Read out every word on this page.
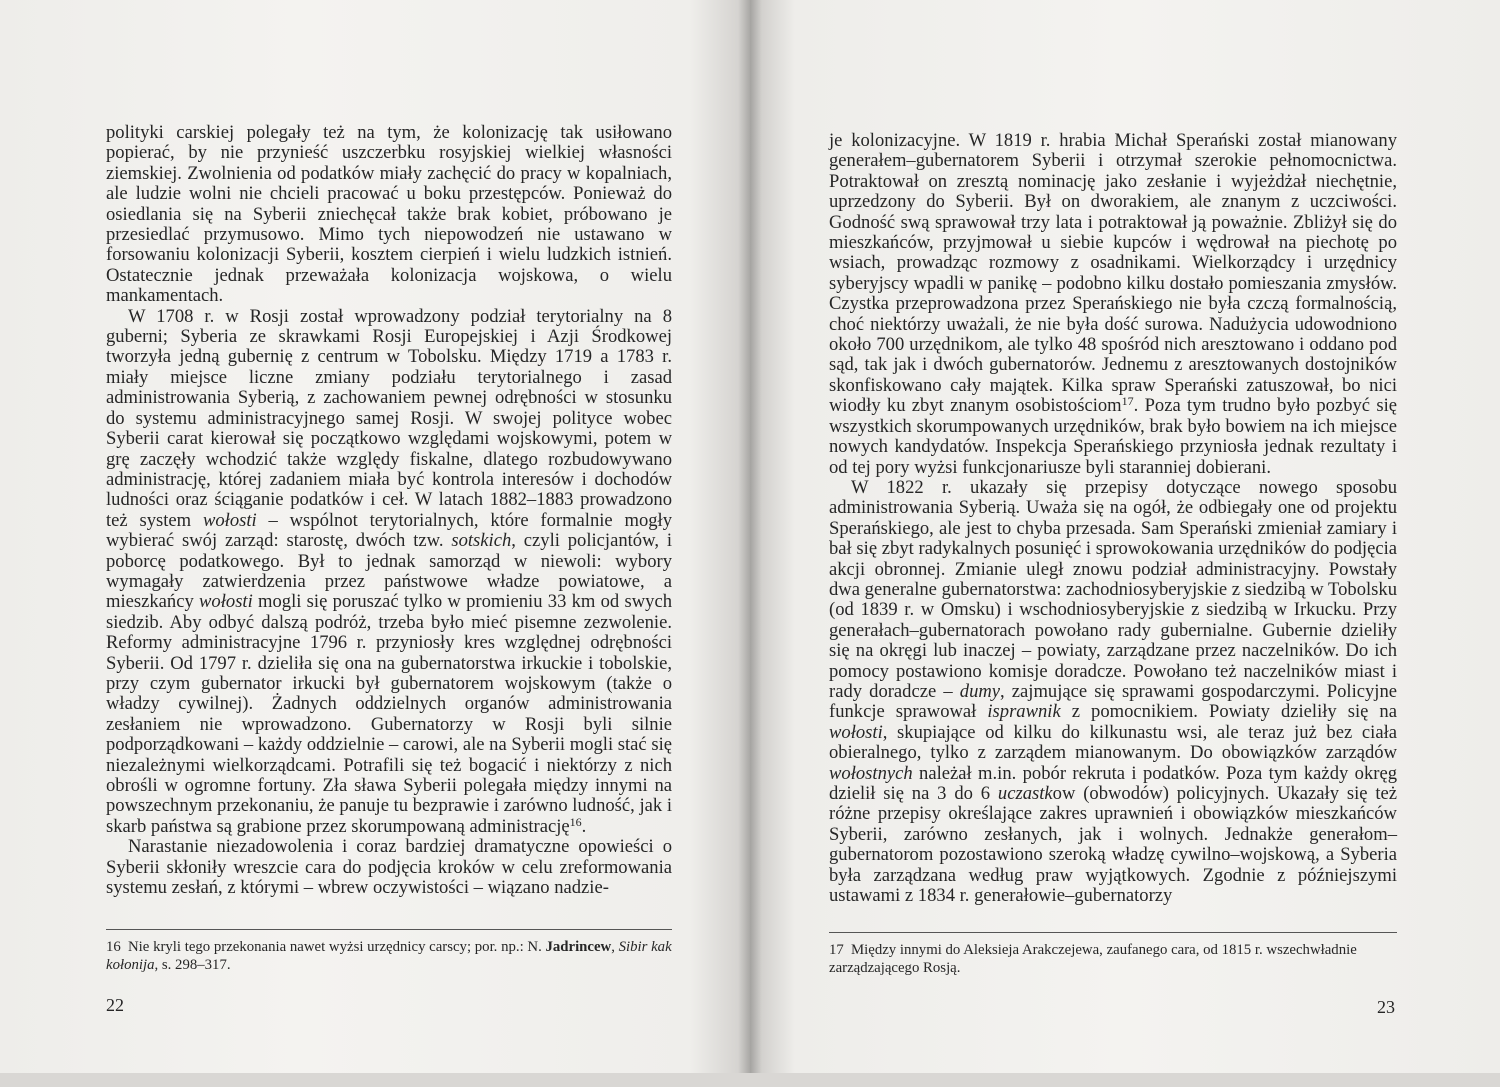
polityki carskiej polegały też na tym, że kolonizację tak usiłowano popierać, by nie przynieść uszczerbku rosyjskiej wielkiej własności ziemskiej. Zwolnienia od podatków miały zachęcić do pracy w kopalniach, ale ludzie wolni nie chcieli pracować u boku przestępców. Ponieważ do osiedlania się na Syberii zniechęcał także brak kobiet, próbowano je przesiedlać przymusowo. Mimo tych niepowodzeń nie ustawano w forsowaniu kolonizacji Syberii, kosztem cierpień i wielu ludzkich istnień. Ostatecznie jednak przeważała kolonizacja wojskowa, o wielu mankamentach.

W 1708 r. w Rosji został wprowadzony podział terytorialny na 8 guberni; Syberia ze skrawkami Rosji Europejskiej i Azji Środkowej tworzyła jedną gubernię z centrum w Tobolsku. Między 1719 a 1783 r. miały miejsce liczne zmiany podziału terytorialnego i zasad administrowania Syberią, z zachowaniem pewnej odrębności w stosunku do systemu administracyjnego samej Rosji. W swojej polityce wobec Syberii carat kierował się początkowo względami wojskowymi, potem w grę zaczęły wchodzić także względy fiskalne, dlatego rozbudowywano administrację, której zadaniem miała być kontrola interesów i dochodów ludności oraz ściąganie podatków i ceł. W latach 1882–1883 prowadzono też system wołosti – wspólnot terytorialnych, które formalnie mogły wybierać swój zarząd: starostę, dwóch tzw. sotskich, czyli policjantów, i poborcę podatkowego. Był to jednak samorząd w niewoli: wybory wymagały zatwierdzenia przez państwowe władze powiatowe, a mieszkańcy wołosti mogli się poruszać tylko w promieniu 33 km od swych siedzib. Aby odbyć dalszą podróż, trzeba było mieć pisemne zezwolenie. Reformy administracyjne 1796 r. przyniosły kres względnej odrębności Syberii. Od 1797 r. dzieliła się ona na gubernatorstwa irkuckie i tobolskie, przy czym gubernator irkucki był gubernatorem wojskowym (także o władzy cywilnej). Żadnych oddzielnych organów administrowania zesłaniem nie wprowadzono. Gubernatorzy w Rosji byli silnie podporządkowani – każdy oddzielnie – carowi, ale na Syberii mogli stać się niezależnymi wielkorządcami. Potrafili się też bogacić i niektórzy z nich obrośli w ogromne fortuny. Zła sława Syberii polegała między innymi na powszechnym przekonaniu, że panuje tu bezprawie i zarówno ludność, jak i skarb państwa są grabione przez skorumpowaną administrację$^{16}$.

Narastanie niezadowolenia i coraz bardziej dramatyczne opowieści o Syberii skłoniły wreszcie cara do podjęcia kroków w celu zreformowania systemu zesłań, z którymi – wbrew oczywistości – wiązano nadzie-

16 Nie kryli tego przekonania nawet wyżsi urzędnicy carscy; por. np.: N. Jadrincew, Sibir kak kołonija, s. 298–317.
22

je kolonizacyjne. W 1819 r. hrabia Michał Sperański został mianowany generałem–gubernatorem Syberii i otrzymał szerokie pełnomocnictwa. Potraktował on zresztą nominację jako zesłanie i wyjeżdżał niechętnie, uprzedzony do Syberii. Był on dworakiem, ale znanym z uczciwości. Godność swą sprawował trzy lata i potraktował ją poważnie. Zbliżył się do mieszkańców, przyjmował u siebie kupców i wędrował na piechotę po wsiach, prowadząc rozmowy z osadnikami. Wielkorządcy i urzędnicy syberyjscy wpadli w panikę – podobno kilku dostało pomieszania zmysłów. Czystka przeprowadzona przez Sperańskiego nie była czczą formalnością, choć niektórzy uważali, że nie była dość surowa. Nadużycia udowodniono około 700 urzędnikom, ale tylko 48 spośród nich aresztowano i oddano pod sąd, tak jak i dwóch gubernatorów. Jednemu z aresztowanych dostojników skonfiskowano cały majątek. Kilka spraw Sperański zatuszował, bo nici wiodły ku zbyt znanym osobistościom$^{17}$. Poza tym trudno było pozbyć się wszystkich skorumpowanych urzędników, brak było bowiem na ich miejsce nowych kandydatów. Inspekcja Sperańskiego przyniosła jednak rezultaty i od tej pory wyżsi funkcjonariusze byli staranniej dobierani.

W 1822 r. ukazały się przepisy dotyczące nowego sposobu administrowania Syberią. Uważa się na ogół, że odbiegały one od projektu Sperańskiego, ale jest to chyba przesada. Sam Sperański zmieniał zamiary i bał się zbyt radykalnych posunięć i sprowokowania urzędników do podjęcia akcji obronnej. Zmianie uległ znowu podział administracyjny. Powstały dwa generalne gubernatorstwa: zachodniosyberyjskie z siedzibą w Tobolsku (od 1839 r. w Omsku) i wschodniosyberyjskie z siedzibą w Irkucku. Przy generałach–gubernatorach powołano rady gubernialne. Gubernie dzieliły się na okręgi lub inaczej – powiaty, zarządzane przez naczelników. Do ich pomocy postawiono komisje doradcze. Powołano też naczelników miast i rady doradcze – dumy, zajmujące się sprawami gospodarczymi. Policyjne funkcje sprawował isprawnik z pomocnikiem. Powiaty dzieliły się na wołosti, skupiające od kilku do kilkunastu wsi, ale teraz już bez ciała obieralnego, tylko z zarządem mianowanym. Do obowiązków zarządów wołostnych należał m.in. pobór rekruta i podatków. Poza tym każdy okręg dzielił się na 3 do 6 uczastkow (obwodów) policyjnych. Ukazały się też różne przepisy określające zakres uprawnień i obowiązków mieszkańców Syberii, zarówno zesłanych, jak i wolnych. Jednakże generałom–gubernatorom pozostawiono szeroką władzę cywilno–wojskową, a Syberia była zarządzana według praw wyjątkowych. Zgodnie z późniejszymi ustawami z 1834 r. generałowie–gubernatorzy

17 Między innymi do Aleksieja Arakczejewa, zaufanego cara, od 1815 r. wszechwładnie zarządzającego Rosją.
23
